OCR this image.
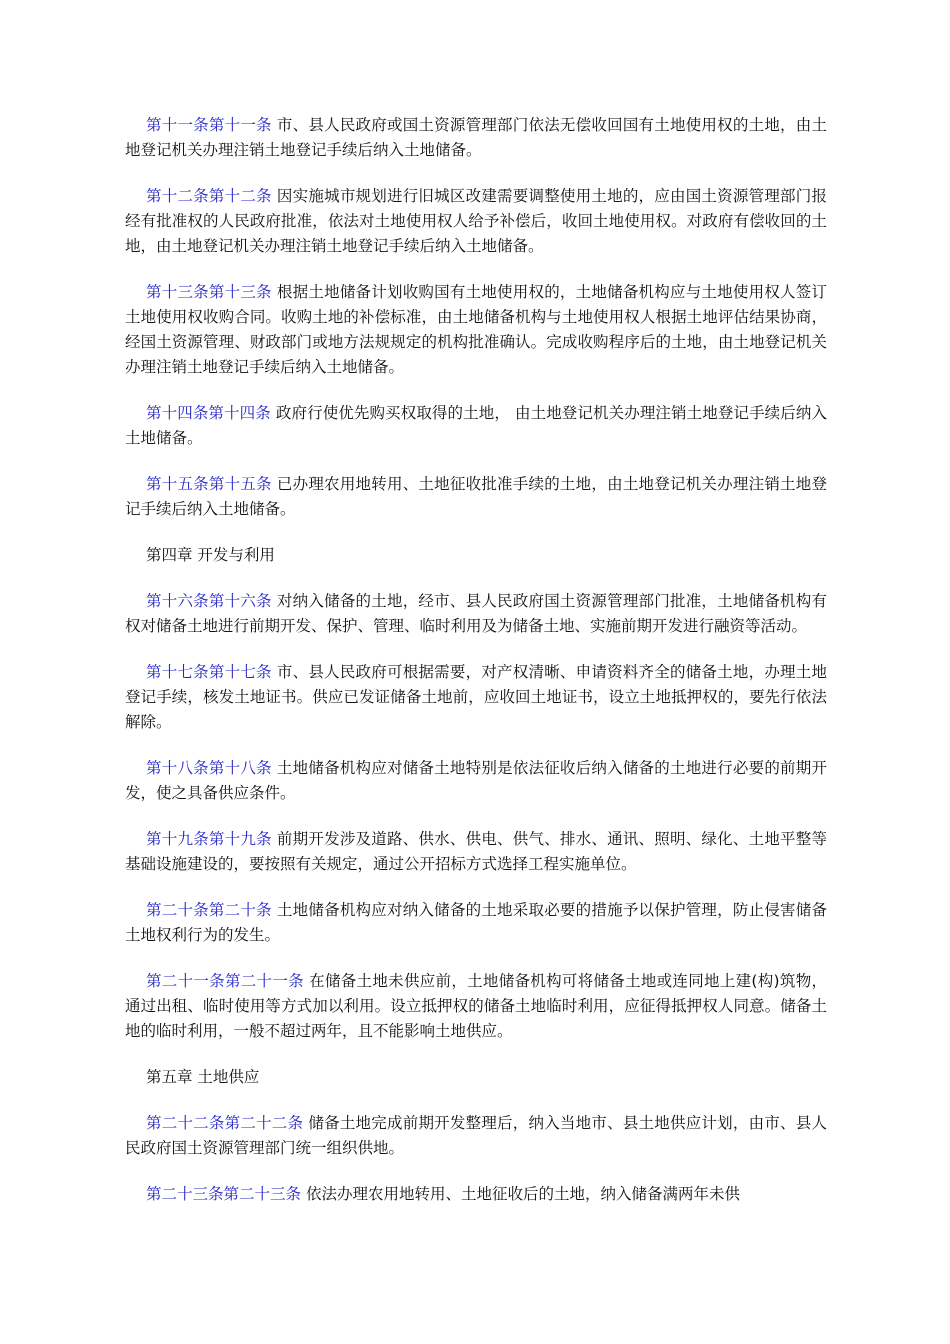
第十一条第十一条 市、县人民政府或国土资源管理部门依法无偿收回国有土地使用权的土地，由土地登记机关办理注销土地登记手续后纳入土地储备。

第十二条第十二条 因实施城市规划进行旧城区改建需要调整使用土地的，应由国土资源管理部门报经有批准权的人民政府批准，依法对土地使用权人给予补偿后，收回土地使用权。对政府有偿收回的土地，由土地登记机关办理注销土地登记手续后纳入土地储备。

第十三条第十三条 根据土地储备计划收购国有土地使用权的，土地储备机构应与土地使用权人签订土地使用权收购合同。收购土地的补偿标准，由土地储备机构与土地使用权人根据土地评估结果协商，经国土资源管理、财政部门或地方法规规定的机构批准确认。完成收购程序后的土地，由土地登记机关办理注销土地登记手续后纳入土地储备。

第十四条第十四条 政府行使优先购买权取得的土地， 由土地登记机关办理注销土地登记手续后纳入土地储备。

第十五条第十五条 已办理农用地转用、土地征收批准手续的土地，由土地登记机关办理注销土地登记手续后纳入土地储备。

第四章 开发与利用

第十六条第十六条 对纳入储备的土地，经市、县人民政府国土资源管理部门批准，土地储备机构有权对储备土地进行前期开发、保护、管理、临时利用及为储备土地、实施前期开发进行融资等活动。

第十七条第十七条 市、县人民政府可根据需要，对产权清晰、申请资料齐全的储备土地，办理土地登记手续，核发土地证书。供应已发证储备土地前，应收回土地证书，设立土地抵押权的，要先行依法解除。

第十八条第十八条 土地储备机构应对储备土地特别是依法征收后纳入储备的土地进行必要的前期开发，使之具备供应条件。

第十九条第十九条 前期开发涉及道路、供水、供电、供气、排水、通讯、照明、绿化、土地平整等基础设施建设的，要按照有关规定，通过公开招标方式选择工程实施单位。

第二十条第二十条 土地储备机构应对纳入储备的土地采取必要的措施予以保护管理，防止侵害储备土地权利行为的发生。

第二十一条第二十一条 在储备土地未供应前，土地储备机构可将储备土地或连同地上建(构)筑物，通过出租、临时使用等方式加以利用。设立抵押权的储备土地临时利用，应征得抵押权人同意。储备土地的临时利用，一般不超过两年，且不能影响土地供应。

第五章 土地供应

第二十二条第二十二条 储备土地完成前期开发整理后，纳入当地市、县土地供应计划，由市、县人民政府国土资源管理部门统一组织供地。

第二十三条第二十三条 依法办理农用地转用、土地征收后的土地，纳入储备满两年未供
